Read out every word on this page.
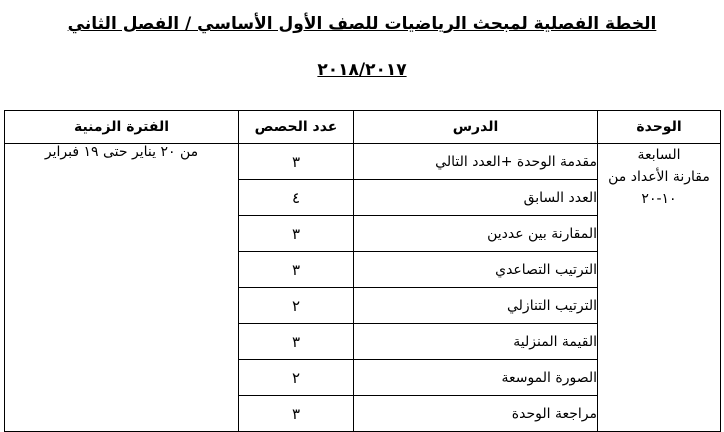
الخطة الفصلية لمبحث الرياضيات للصف الأول الأساسي / الفصل الثاني
٢٠١٨/٢٠١٧
الوحدة	الدرس	عدد الحصص	الفترة الزمنية

السابعة
مقارنة الأعداد من
١٠-٢٠	مقدمة الوحدة +العدد التالي	٣	من ٢٠ يناير حتى ١٩ فبراير
	العدد السابق	٤	
	المقارنة بين عددين	٣	
	الترتيب التصاعدي	٣	
	الترتيب التنازلي	٢	
	القيمة المنزلية	٣	
	الصورة الموسعة	٢	
	مراجعة الوحدة	٣	
